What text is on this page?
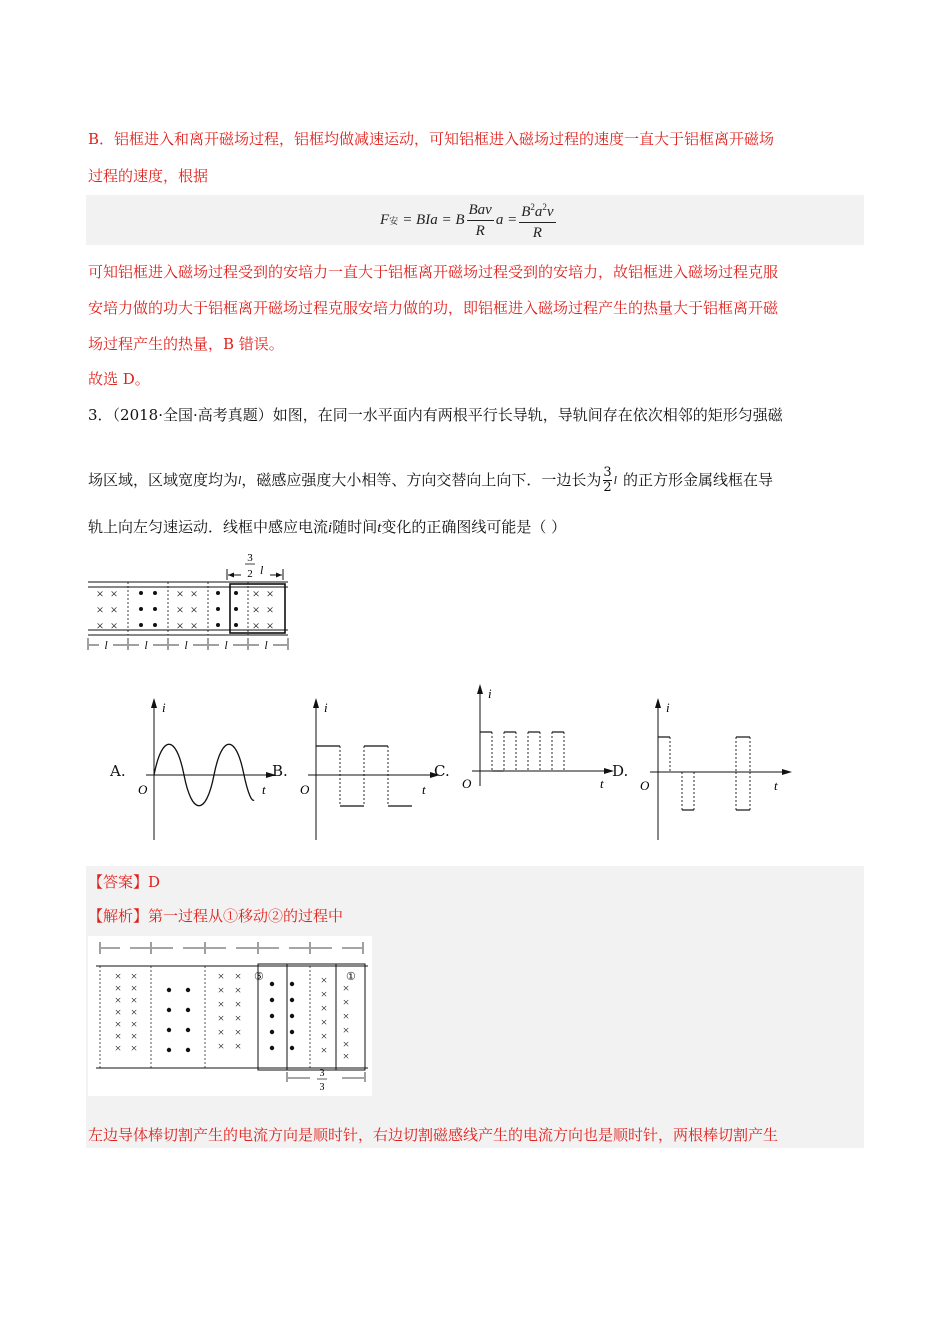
B．铝框进入和离开磁场过程，铝框均做减速运动，可知铝框进入磁场过程的速度一直大于铝框离开磁场
过程的速度，根据
F 安 = BIa = B $\frac{\text{Bav}}{R}$ $a = \frac{B^2a^2v}{R}$
可知铝框进入磁场过程受到的安培力一直大于铝框离开磁场过程受到的安培力，故铝框进入磁场过程克服
安培力做的功大于铝框离开磁场过程克服安培力做的功，即铝框进入磁场过程产生的热量大于铝框离开磁
场过程产生的热量，B 错误。
故选 D。
3．（2018·全国·高考真题）如图，在同一水平面内有两根平行长导轨，导轨间存在依次相邻的矩形匀强磁
场区域，区域宽度均为 l ，磁感应强度大小相等、方向交替向上向下．一边长为 $\frac{3}{2}$ l 的正方形金属线框在导
轨上向左匀速运动．线框中感应电流i随时间t变化的正确图线可能是（ ）
3
2 l
× ×
× ×
× ×
× ×
× ×
× ×
× ×
× ×
× ×
l	l	l	l	l
A.
i
t
O
B.
i
t
O
C.
i
t
O
D.
i
t
O
【答案】D
【解析】第一过程从①移动②的过程中
⑤	①
× ×
× ×
× ×
× ×
× ×
× ×
× ×
× ×
× ×
× ×
× ×
× ×
× ×
×
×
×
×
×
×
×
×
×
×
× ×
3
3
左边导体棒切割产生的电流方向是顺时针，右边切割磁感线产生的电流方向也是顺时针，两根棒切割产生
